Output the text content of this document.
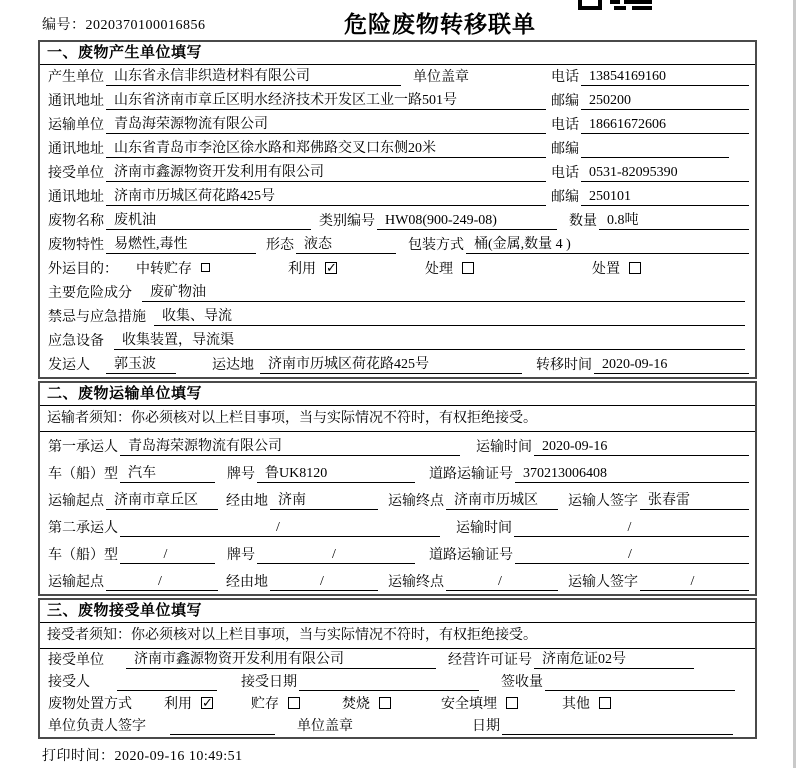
编号：2020370100016856	危险废物转移联单
一、废物产生单位填写
产生单位 山东省永信非织造材料有限公司	单位盖章	电话 13854169160
通讯地址 山东省济南市章丘区明水经济技术开发区工业一路501号	邮编 250200
运输单位 青岛海荣源物流有限公司	电话 18661672606
通讯地址 山东省青岛市李沧区徐水路和郑佛路交叉口东侧20米	邮编
接受单位 济南市鑫源物资开发利用有限公司	电话 0531-82095390
通讯地址 济南市历城区荷花路425号	邮编 250101
废物名称 废机油	类别编号 HW08(900-249-08)	数量 0.8吨
废物特性 易燃性,毒性	形态 液态	包装方式 桶(金属,数量 4 )
外运目的： 中转贮存	利用 ✓	处理	处置
主要危险成分	废矿物油
禁忌与应急措施	收集、导流
应急设备	收集装置，导流渠
发运人	郭玉波	运达地	济南市历城区荷花路425号	转移时间 2020-09-16
二、废物运输单位填写
运输者须知：你必须核对以上栏目事项，当与实际情况不符时，有权拒绝接受。
第一承运人 青岛海荣源物流有限公司	运输时间 2020-09-16
车（船）型 汽车	牌号 鲁UK8120	道路运输证号 370213006408
运输起点 济南市章丘区	经由地 济南	运输终点 济南市历城区	运输人签字 张春雷
第二承运人	/	运输时间	/
车（船）型	/	牌号	/	道路运输证号	/
运输起点	/	经由地	/	运输终点	/	运输人签字	/
三、废物接受单位填写
接受者须知：你必须核对以上栏目事项，当与实际情况不符时，有权拒绝接受。
接受单位	济南市鑫源物资开发利用有限公司	经营许可证号 济南危证02号
接受人	接受日期	签收量
废物处置方式 利用 ✓	贮存	焚烧	安全填埋	其他
单位负责人签字	单位盖章	日期
打印时间：2020-09-16 10:49:51
